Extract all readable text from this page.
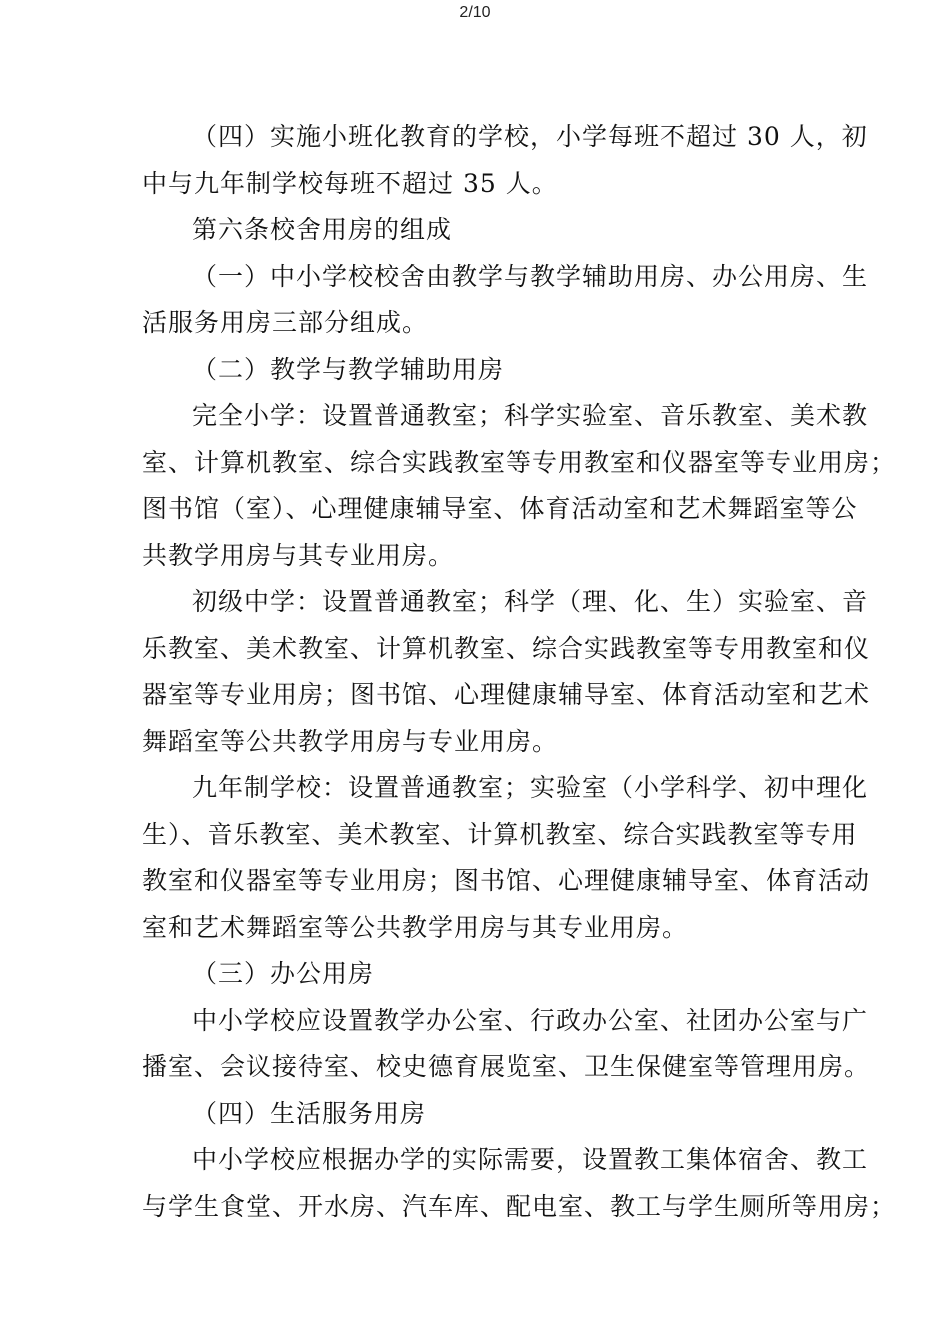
2/10
（四）实施小班化教育的学校，小学每班不超过 30 人，初
中与九年制学校每班不超过 35 人。
第六条校舍用房的组成
（一）中小学校校舍由教学与教学辅助用房、办公用房、生
活服务用房三部分组成。
（二）教学与教学辅助用房
完全小学：设置普通教室；科学实验室、音乐教室、美术教
室、计算机教室、综合实践教室等专用教室和仪器室等专业用房；
图书馆（室）、心理健康辅导室、体育活动室和艺术舞蹈室等公
共教学用房与其专业用房。
初级中学：设置普通教室；科学（理、化、生）实验室、音
乐教室、美术教室、计算机教室、综合实践教室等专用教室和仪
器室等专业用房；图书馆、心理健康辅导室、体育活动室和艺术
舞蹈室等公共教学用房与专业用房。
九年制学校：设置普通教室；实验室（小学科学、初中理化
生）、音乐教室、美术教室、计算机教室、综合实践教室等专用
教室和仪器室等专业用房；图书馆、心理健康辅导室、体育活动
室和艺术舞蹈室等公共教学用房与其专业用房。
（三）办公用房
中小学校应设置教学办公室、行政办公室、社团办公室与广
播室、会议接待室、校史德育展览室、卫生保健室等管理用房。
（四）生活服务用房
中小学校应根据办学的实际需要，设置教工集体宿舍、教工
与学生食堂、开水房、汽车库、配电室、教工与学生厕所等用房；
